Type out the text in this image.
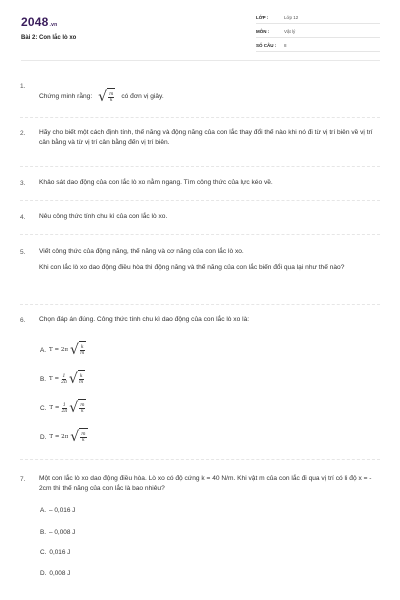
2048.vn
Bài 2: Con lắc lò xo
LỚP :	Lớp 12
MÔN :	Vật lý
SỐ CÂU : 8
1.
Chứng minh rằng: √ $\frac{m}{k}$ có đơn vị giây.
2. Hãy cho biết một cách định tính, thế năng và động năng của con lắc thay đổi thế nào khi nó đi từ vị trí biên về vị trí cân bằng và từ vị trí cân bằng đến vị trí biên.
3. Khảo sát dao động của con lắc lò xo nằm ngang. Tìm công thức của lực kéo về.
4. Nêu công thức tính chu kì của con lắc lò xo.
5. Viết công thức của động năng, thế năng và cơ năng của con lắc lò xo.
Khi con lắc lò xo dao động điều hòa thì động năng và thế năng của con lắc biến đổi qua lại như thế nào?
6. Chọn đáp án đúng. Công thức tính chu kì dao động của con lắc lò xo là:
A. T = 2π √ $\frac{k}{m}$
B. $T = \frac{1}{2\pi}$ √ $\frac{k}{m}$
C. $T = \frac{1}{2\pi}$ √ $\frac{m}{k}$
D. T = 2π √ $\frac{m}{k}$
7. Một con lắc lò xo dao động điều hòa. Lò xo có độ cứng k = 40 N/m. Khi vật m của con lắc đi qua vị trí có li độ x = - 2cm thì thế năng của con lắc là bao nhiêu?
A. – 0,016 J
B. – 0,008 J
C. 0,016 J
D. 0,008 J
